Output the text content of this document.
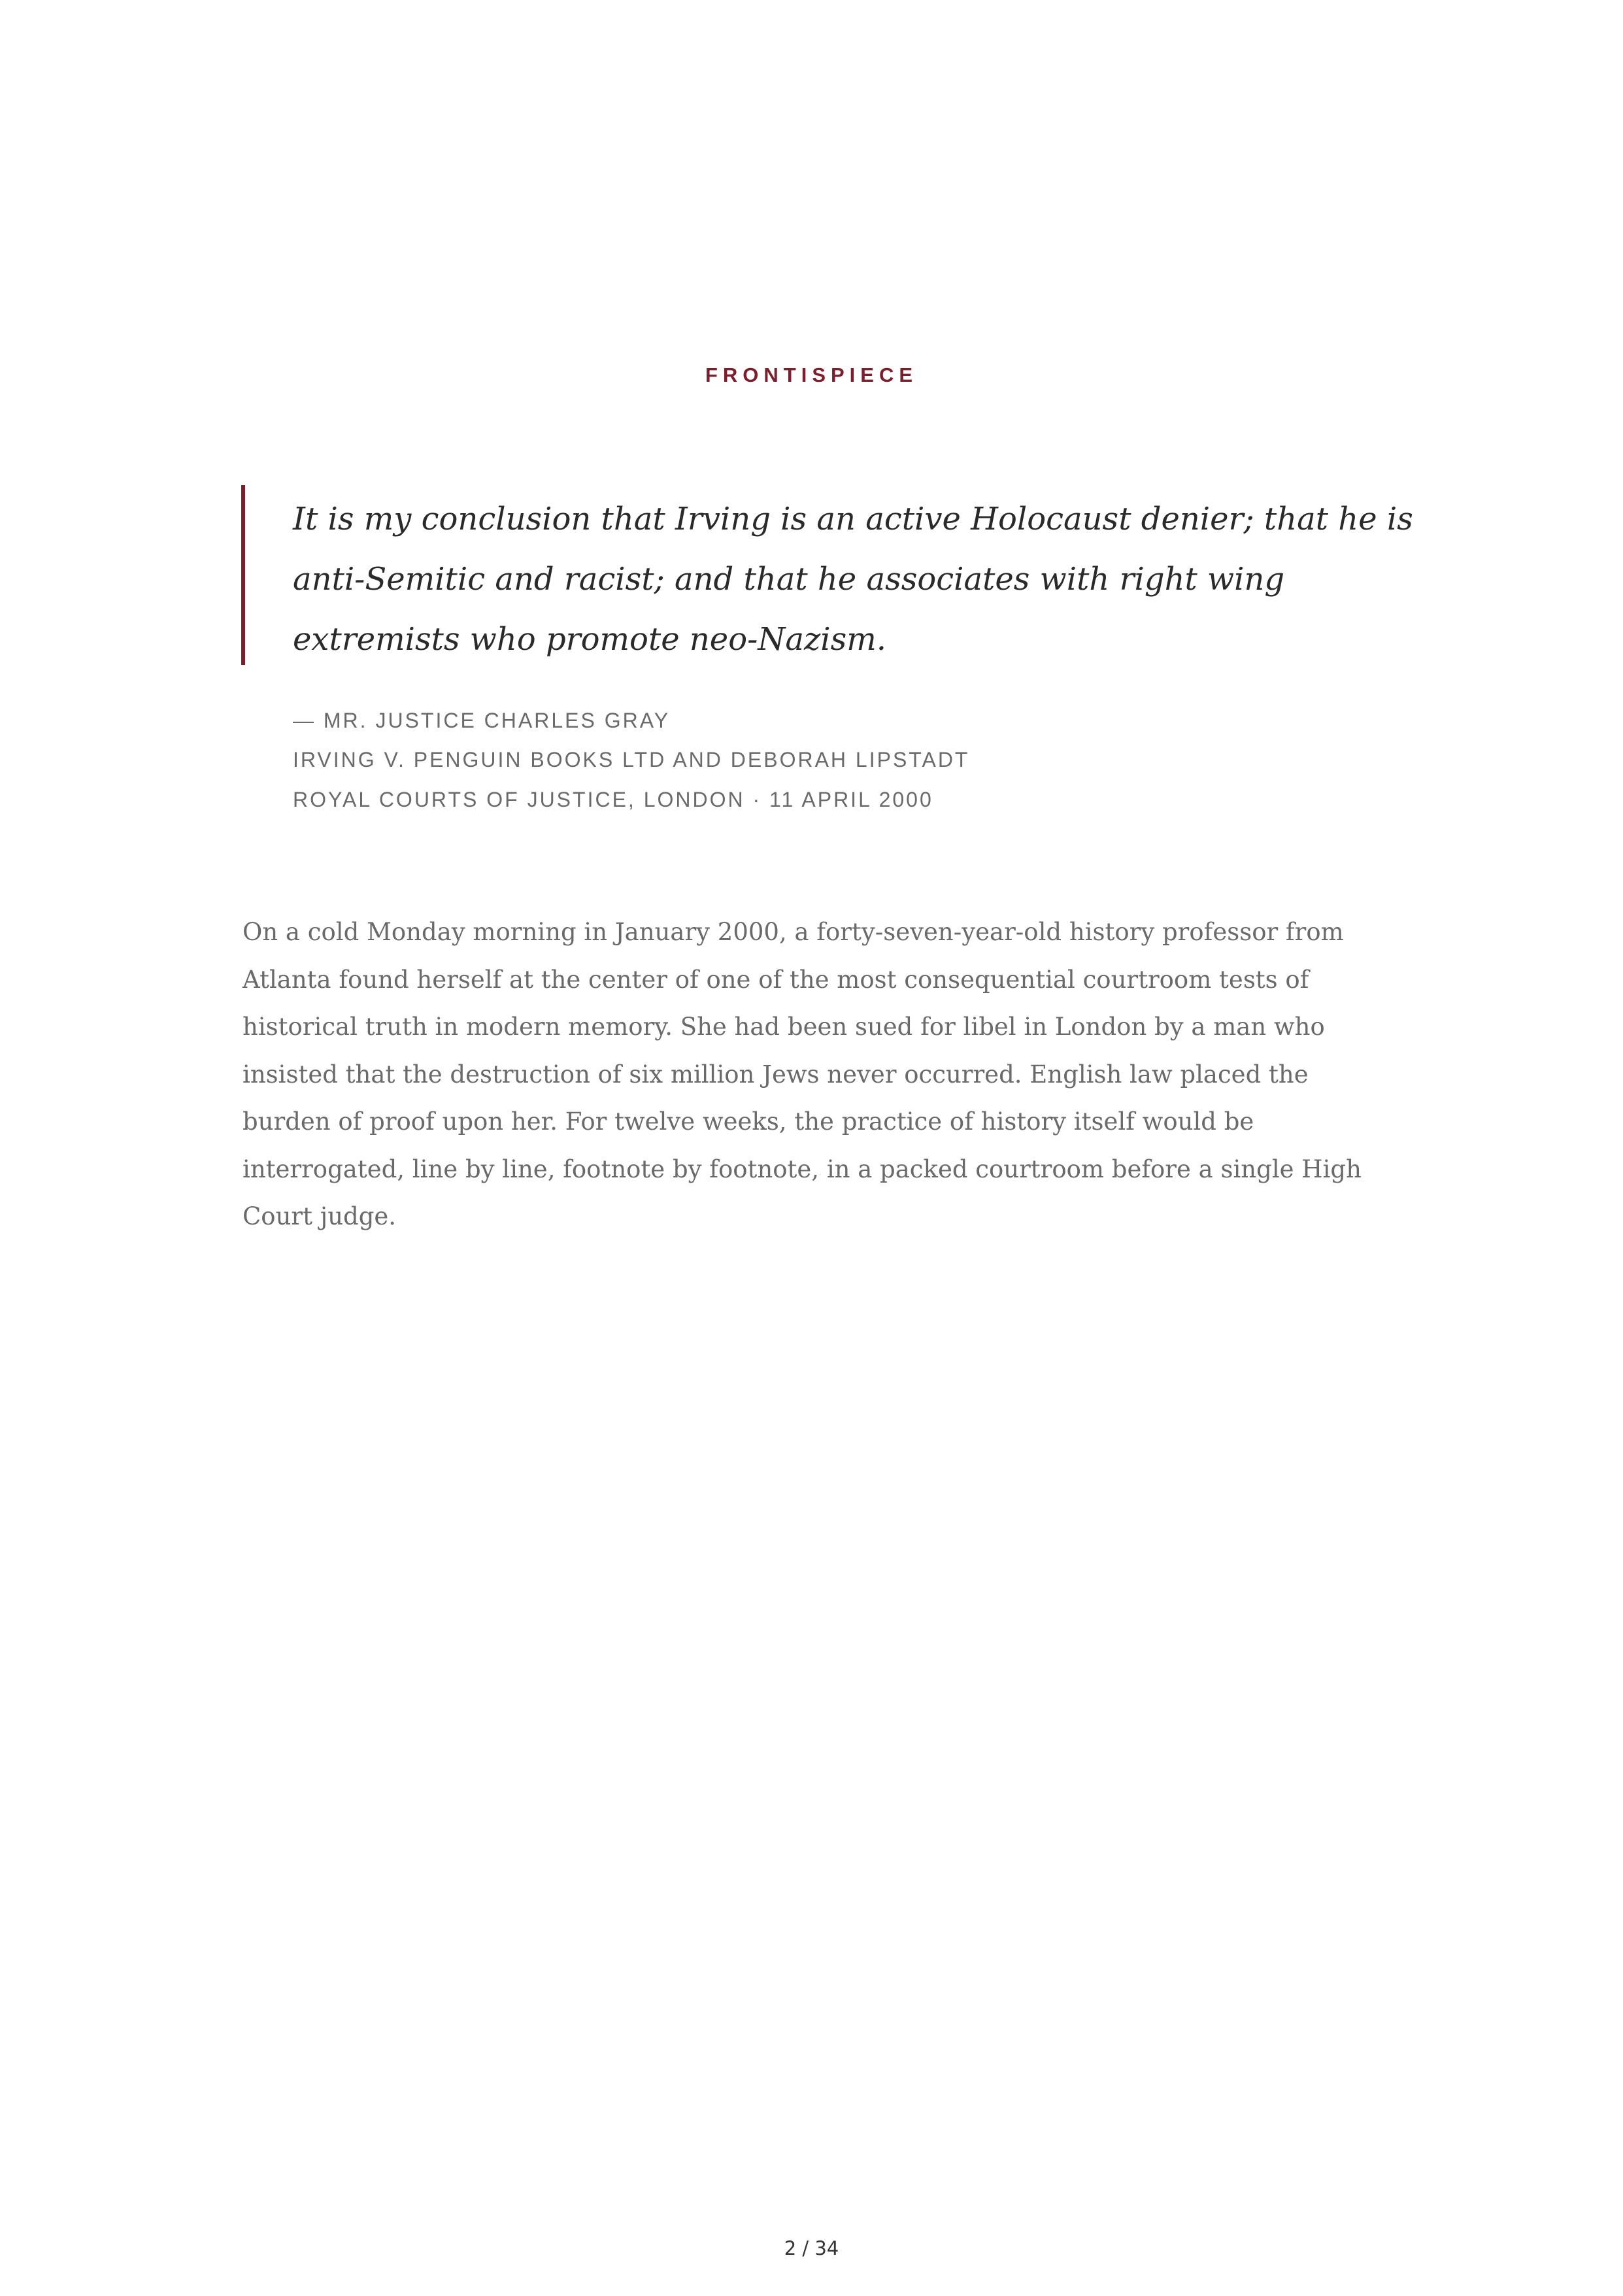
FRONTISPIECE

It is my conclusion that Irving is an active Holocaust denier; that he is anti-Semitic and racist; and that he associates with right wing extremists who promote neo-Nazism.

— MR. JUSTICE CHARLES GRAY
IRVING V. PENGUIN BOOKS LTD AND DEBORAH LIPSTADT
ROYAL COURTS OF JUSTICE, LONDON · 11 APRIL 2000

On a cold Monday morning in January 2000, a forty-seven-year-old history professor from Atlanta found herself at the center of one of the most consequential courtroom tests of historical truth in modern memory. She had been sued for libel in London by a man who insisted that the destruction of six million Jews never occurred. English law placed the burden of proof upon her. For twelve weeks, the practice of history itself would be interrogated, line by line, footnote by footnote, in a packed courtroom before a single High Court judge.

2 / 34
